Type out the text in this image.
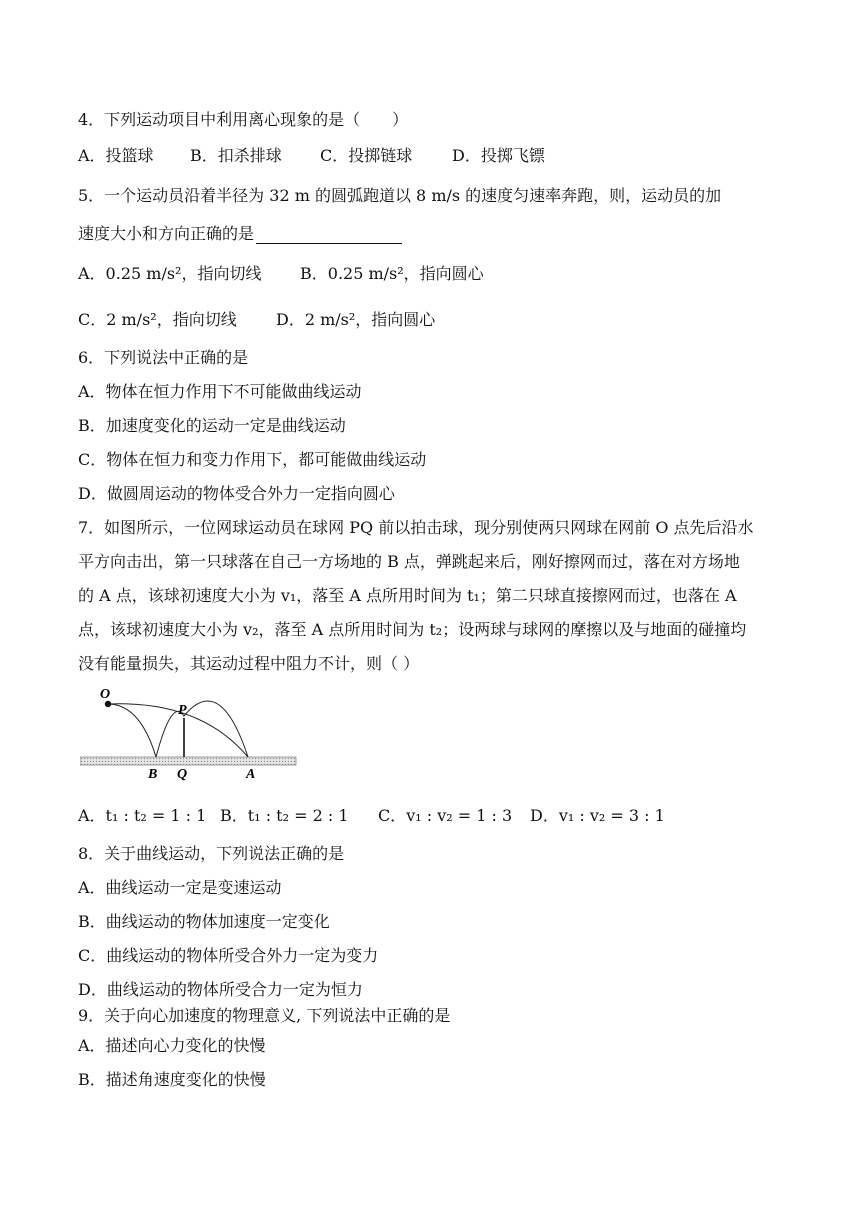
4．下列运动项目中利用离心现象的是（　　）
A．投篮球 B．扣杀排球 C．投掷链球 D．投掷飞镖
5．一个运动员沿着半径为 32 m 的圆弧跑道以 8 m/s 的速度匀速率奔跑，则，运动员的加
速度大小和方向正确的是
A．0.25 m/s²，指向切线 B．0.25 m/s²，指向圆心
C．2 m/s²，指向切线 D．2 m/s²，指向圆心
6．下列说法中正确的是
A．物体在恒力作用下不可能做曲线运动
B．加速度变化的运动一定是曲线运动
C．物体在恒力和变力作用下，都可能做曲线运动
D．做圆周运动的物体受合外力一定指向圆心
7．如图所示，一位网球运动员在球网 PQ 前以拍击球，现分别使两只网球在网前 O 点先后沿水
平方向击出，第一只球落在自己一方场地的 B 点，弹跳起来后，刚好擦网而过，落在对方场地
的 A 点，该球初速度大小为 v₁，落至 A 点所用时间为 t₁；第二只球直接擦网而过，也落在 A
点，该球初速度大小为 v₂，落至 A 点所用时间为 t₂；设两球与球网的摩擦以及与地面的碰撞均
没有能量损失，其运动过程中阻力不计，则（ ）
O
P
B Q	A
A．t₁ : t₂ = 1 : 1 B．t₁ : t₂ = 2 : 1 C．v₁ : v₂ = 1 : 3 D．v₁ : v₂ = 3 : 1
8．关于曲线运动，下列说法正确的是
A．曲线运动一定是变速运动
B．曲线运动的物体加速度一定变化
C．曲线运动的物体所受合外力一定为变力
D．曲线运动的物体所受合力一定为恒力
9．关于向心加速度的物理意义, 下列说法中正确的是
A．描述向心力变化的快慢
B．描述角速度变化的快慢
